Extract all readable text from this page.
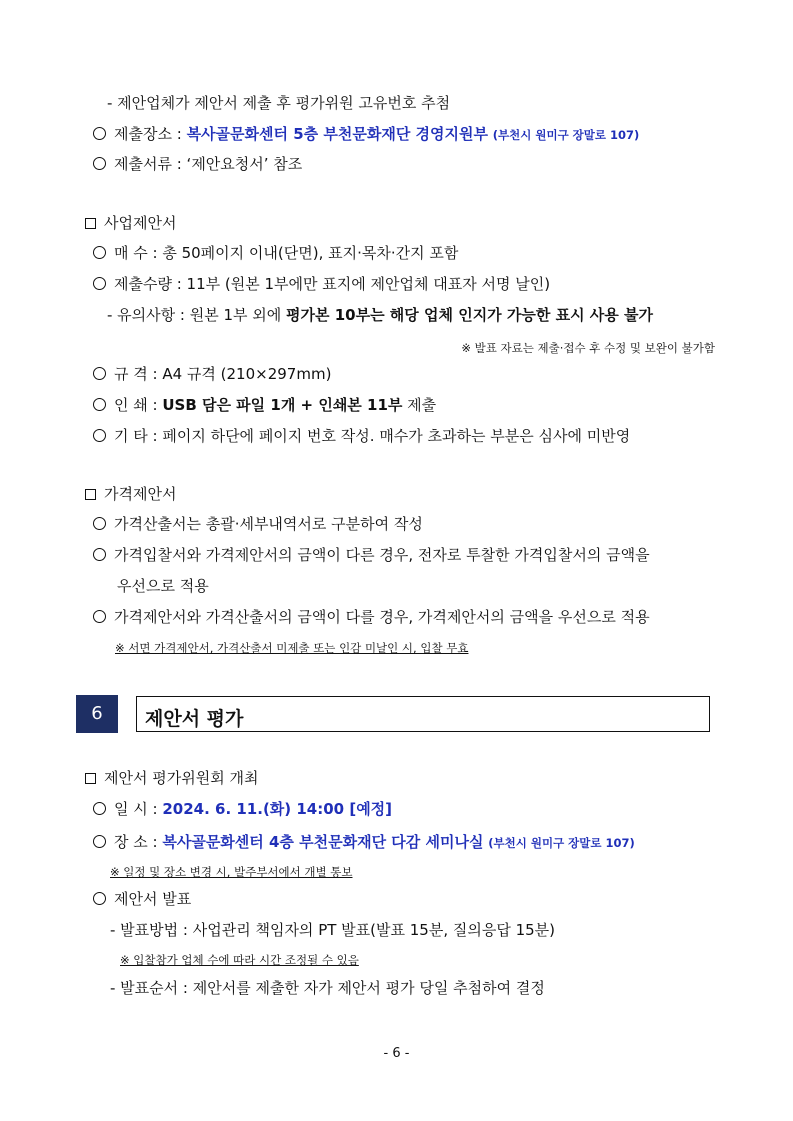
- 제안업체가 제안서 제출 후 평가위원 고유번호 추첨
제출장소 : 복사골문화센터 5층 부천문화재단 경영지원부 (부천시 원미구 장말로 107)
제출서류 : ‘제안요청서’ 참조
사업제안서
매 수 : 총 50페이지 이내(단면), 표지·목차·간지 포함
제출수량 : 11부 (원본 1부에만 표지에 제안업체 대표자 서명 날인)
- 유의사항 : 원본 1부 외에 평가본 10부는 해당 업체 인지가 가능한 표시 사용 불가
※ 발표 자료는 제출·접수 후 수정 및 보완이 불가함
규 격 : A4 규격 (210×297mm)
인 쇄 : USB 담은 파일 1개 + 인쇄본 11부 제출
기 타 : 페이지 하단에 페이지 번호 작성. 매수가 초과하는 부분은 심사에 미반영
가격제안서
가격산출서는 총괄·세부내역서로 구분하여 작성
가격입찰서와 가격제안서의 금액이 다른 경우, 전자로 투찰한 가격입찰서의 금액을
우선으로 적용
가격제안서와 가격산출서의 금액이 다를 경우, 가격제안서의 금액을 우선으로 적용
※ 서면 가격제안서, 가격산출서 미제출 또는 인감 미날인 시, 입찰 무효
6	제안서 평가
제안서 평가위원회 개최
일 시 : 2024. 6. 11.(화) 14:00 [예정]
장 소 : 복사골문화센터 4층 부천문화재단 다감 세미나실 (부천시 원미구 장말로 107)
※ 일정 및 장소 변경 시, 발주부서에서 개별 통보
제안서 발표
- 발표방법 : 사업관리 책임자의 PT 발표(발표 15분, 질의응답 15분)
※ 입찰참가 업체 수에 따라 시간 조정될 수 있음
- 발표순서 : 제안서를 제출한 자가 제안서 평가 당일 추첨하여 결정
- 6 -
